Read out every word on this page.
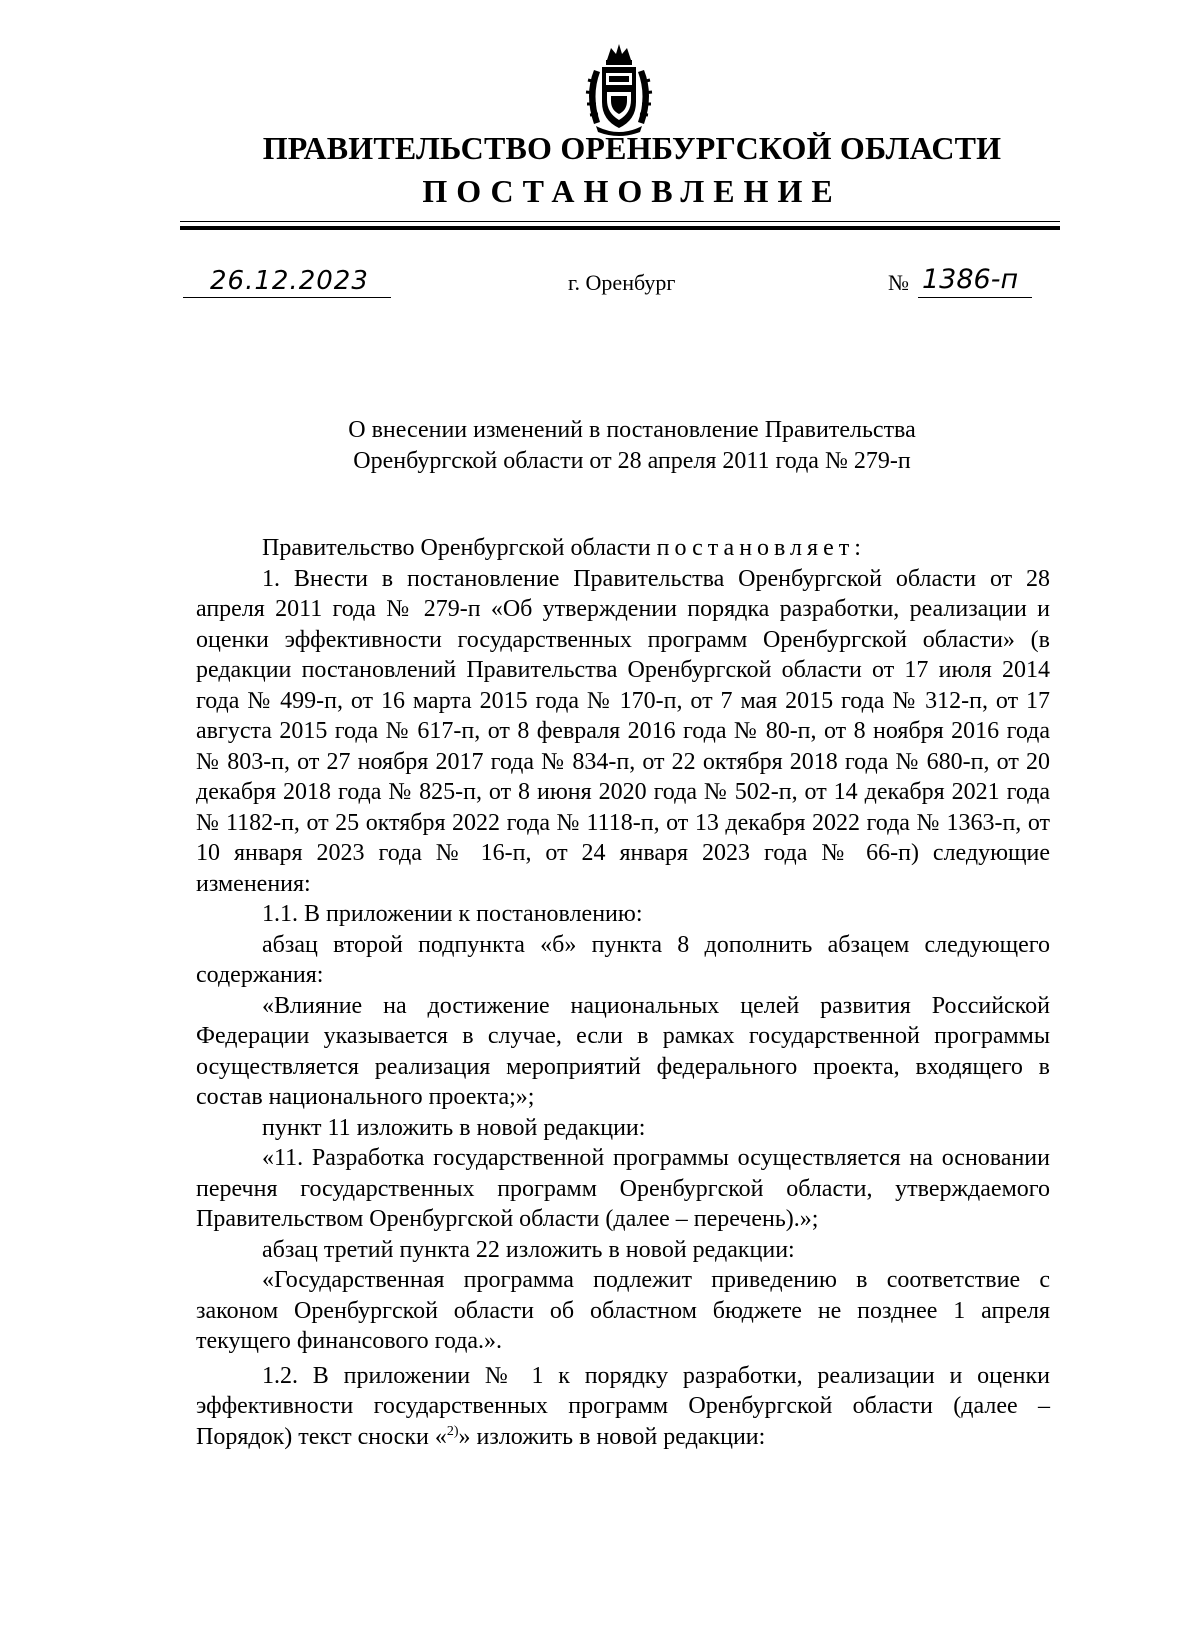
ПРАВИТЕЛЬСТВО ОРЕНБУРГСКОЙ ОБЛАСТИ
ПОСТАНОВЛЕНИЕ
26.12.2023	г. Оренбург	№ 1386-п
О внесении изменений в постановление Правительства
Оренбургской области от 28 апреля 2011 года № 279-п

Правительство Оренбургской области постановляет:

1. Внести в постановление Правительства Оренбургской области от 28 апреля 2011 года № 279-п «Об утверждении порядка разработки, реализации и оценки эффективности государственных программ Оренбургской области» (в редакции постановлений Правительства Оренбургской области от 17 июля 2014 года № 499-п, от 16 марта 2015 года № 170-п, от 7 мая 2015 года № 312-п, от 17 августа 2015 года № 617-п, от 8 февраля 2016 года № 80-п, от 8 ноября 2016 года № 803-п, от 27 ноября 2017 года № 834-п, от 22 октября 2018 года № 680-п, от 20 декабря 2018 года № 825-п, от 8 июня 2020 года № 502-п, от 14 декабря 2021 года № 1182-п, от 25 октября 2022 года № 1118-п, от 13 декабря 2022 года № 1363-п, от 10 января 2023 года № 16-п, от 24 января 2023 года № 66-п) следующие изменения:

1.1. В приложении к постановлению:

абзац второй подпункта «б» пункта 8 дополнить абзацем следующего содержания:

«Влияние на достижение национальных целей развития Российской Федерации указывается в случае, если в рамках государственной программы осуществляется реализация мероприятий федерального проекта, входящего в состав национального проекта;»;

пункт 11 изложить в новой редакции:

«11. Разработка государственной программы осуществляется на основании перечня государственных программ Оренбургской области, утверждаемого Правительством Оренбургской области (далее – перечень).»;

абзац третий пункта 22 изложить в новой редакции:

«Государственная программа подлежит приведению в соответствие с законом Оренбургской области об областном бюджете не позднее 1 апреля текущего финансового года.».

1.2. В приложении № 1 к порядку разработки, реализации и оценки эффективности государственных программ Оренбургской области (далее – Порядок) текст сноски «$^{2)}$» изложить в новой редакции:
